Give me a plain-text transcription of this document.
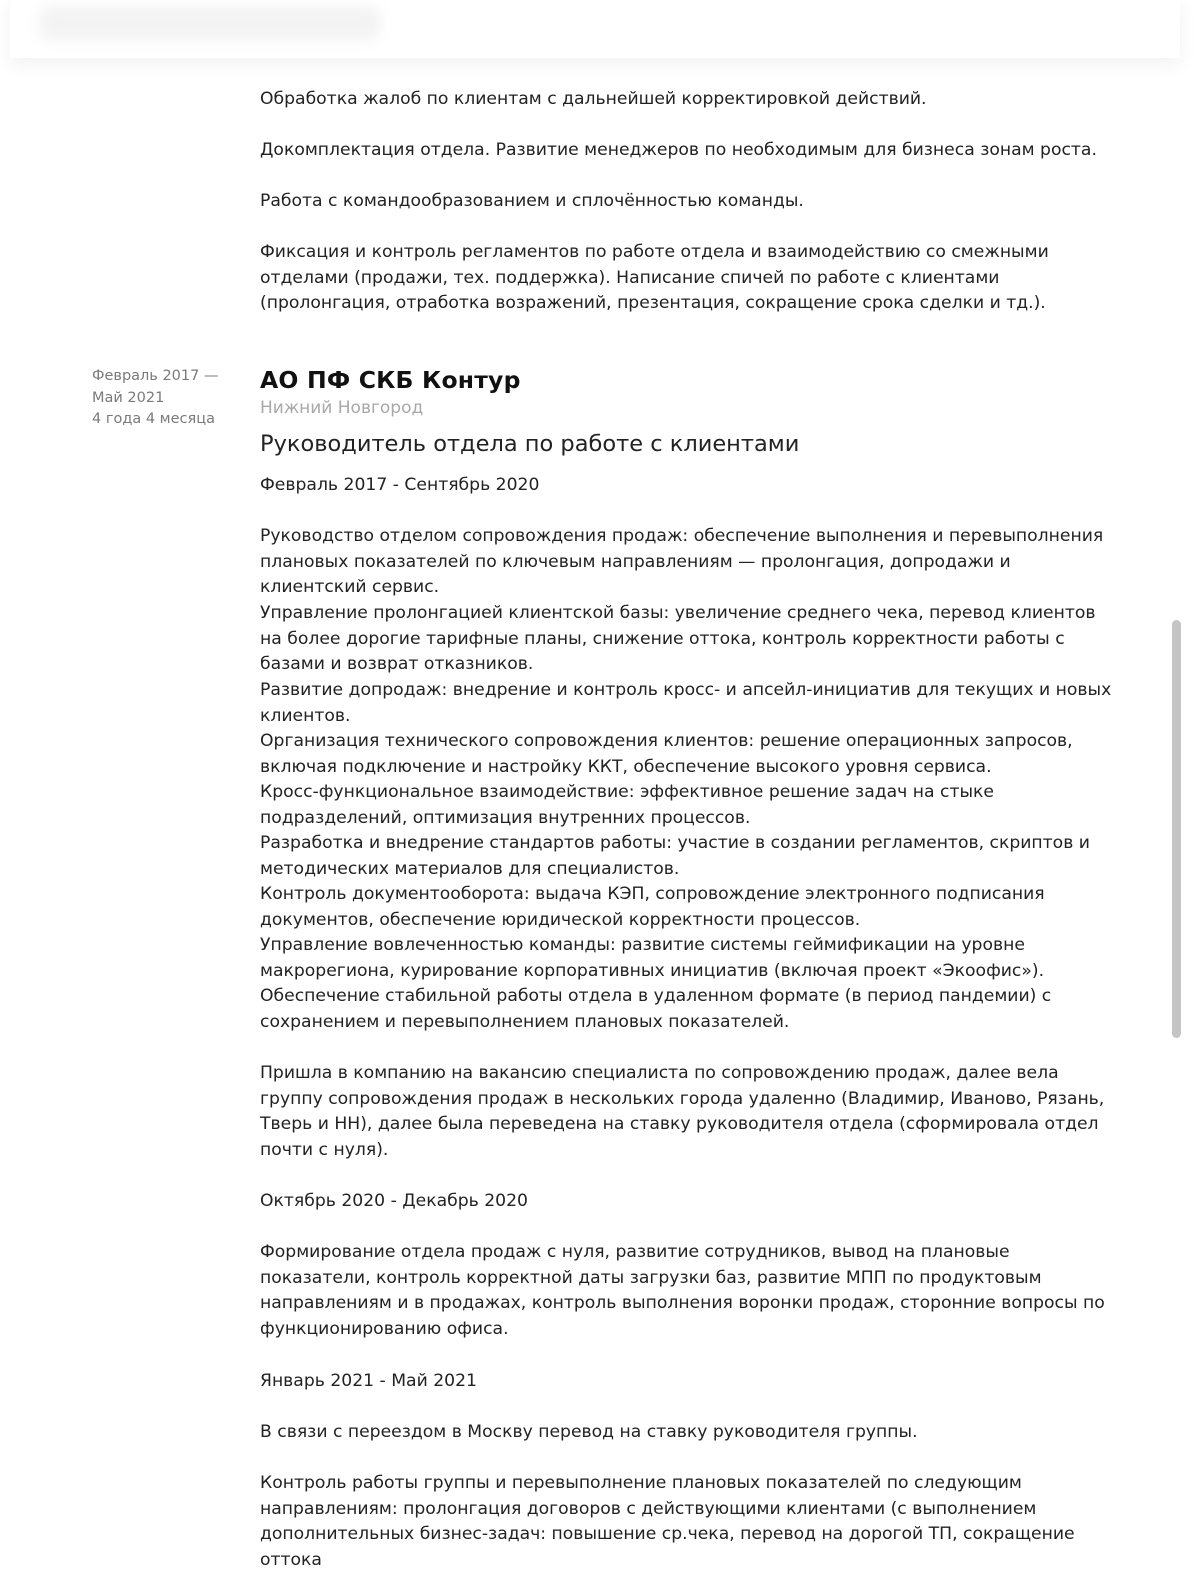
Февраль 2017 —
Май 2021
4 года 4 месяца

Обработка жалоб по клиентам с дальнейшей корректировкой действий.

Докомплектация отдела. Развитие менеджеров по необходимым для бизнеса зонам роста.

Работа с командообразованием и сплочённостью команды.

Фиксация и контроль регламентов по работе отдела и взаимодействию со смежными отделами (продажи, тех. поддержка). Написание спичей по работе с клиентами (пролонгация, отработка возражений, презентация, сокращение срока сделки и тд.).

АО ПФ СКБ Контур
Нижний Новгород
Руководитель отдела по работе с клиентами

Февраль 2017 - Сентябрь 2020

Руководство отделом сопровождения продаж: обеспечение выполнения и перевыполнения плановых показателей по ключевым направлениям — пролонгация, допродажи и клиентский сервис.

Управление пролонгацией клиентской базы: увеличение среднего чека, перевод клиентов на более дорогие тарифные планы, снижение оттока, контроль корректности работы с базами и возврат отказников.

Развитие допродаж: внедрение и контроль кросс- и апсейл-инициатив для текущих и новых клиентов.

Организация технического сопровождения клиентов: решение операционных запросов, включая подключение и настройку ККТ, обеспечение высокого уровня сервиса.

Кросс-функциональное взаимодействие: эффективное решение задач на стыке подразделений, оптимизация внутренних процессов.

Разработка и внедрение стандартов работы: участие в создании регламентов, скриптов и методических материалов для специалистов.

Контроль документооборота: выдача КЭП, сопровождение электронного подписания документов, обеспечение юридической корректности процессов.

Управление вовлеченностью команды: развитие системы геймификации на уровне макрорегиона, курирование корпоративных инициатив (включая проект «Экоофис»).

Обеспечение стабильной работы отдела в удаленном формате (в период пандемии) с сохранением и перевыполнением плановых показателей.

Пришла в компанию на вакансию специалиста по сопровождению продаж, далее вела группу сопровождения продаж в нескольких города удаленно (Владимир, Иваново, Рязань, Тверь и НН), далее была переведена на ставку руководителя отдела (сформировала отдел почти с нуля).

Октябрь 2020 - Декабрь 2020

Формирование отдела продаж с нуля, развитие сотрудников, вывод на плановые показатели, контроль корректной даты загрузки баз, развитие МПП по продуктовым направлениям и в продажах, контроль выполнения воронки продаж, сторонние вопросы по функционированию офиса.

Январь 2021 - Май 2021

В связи с переездом в Москву перевод на ставку руководителя группы.

Контроль работы группы и перевыполнение плановых показателей по следующим направлениям: пролонгация договоров с действующими клиентами (с выполнением дополнительных бизнес-задач: повышение ср.чека, перевод на дорогой ТП, сокращение оттока
